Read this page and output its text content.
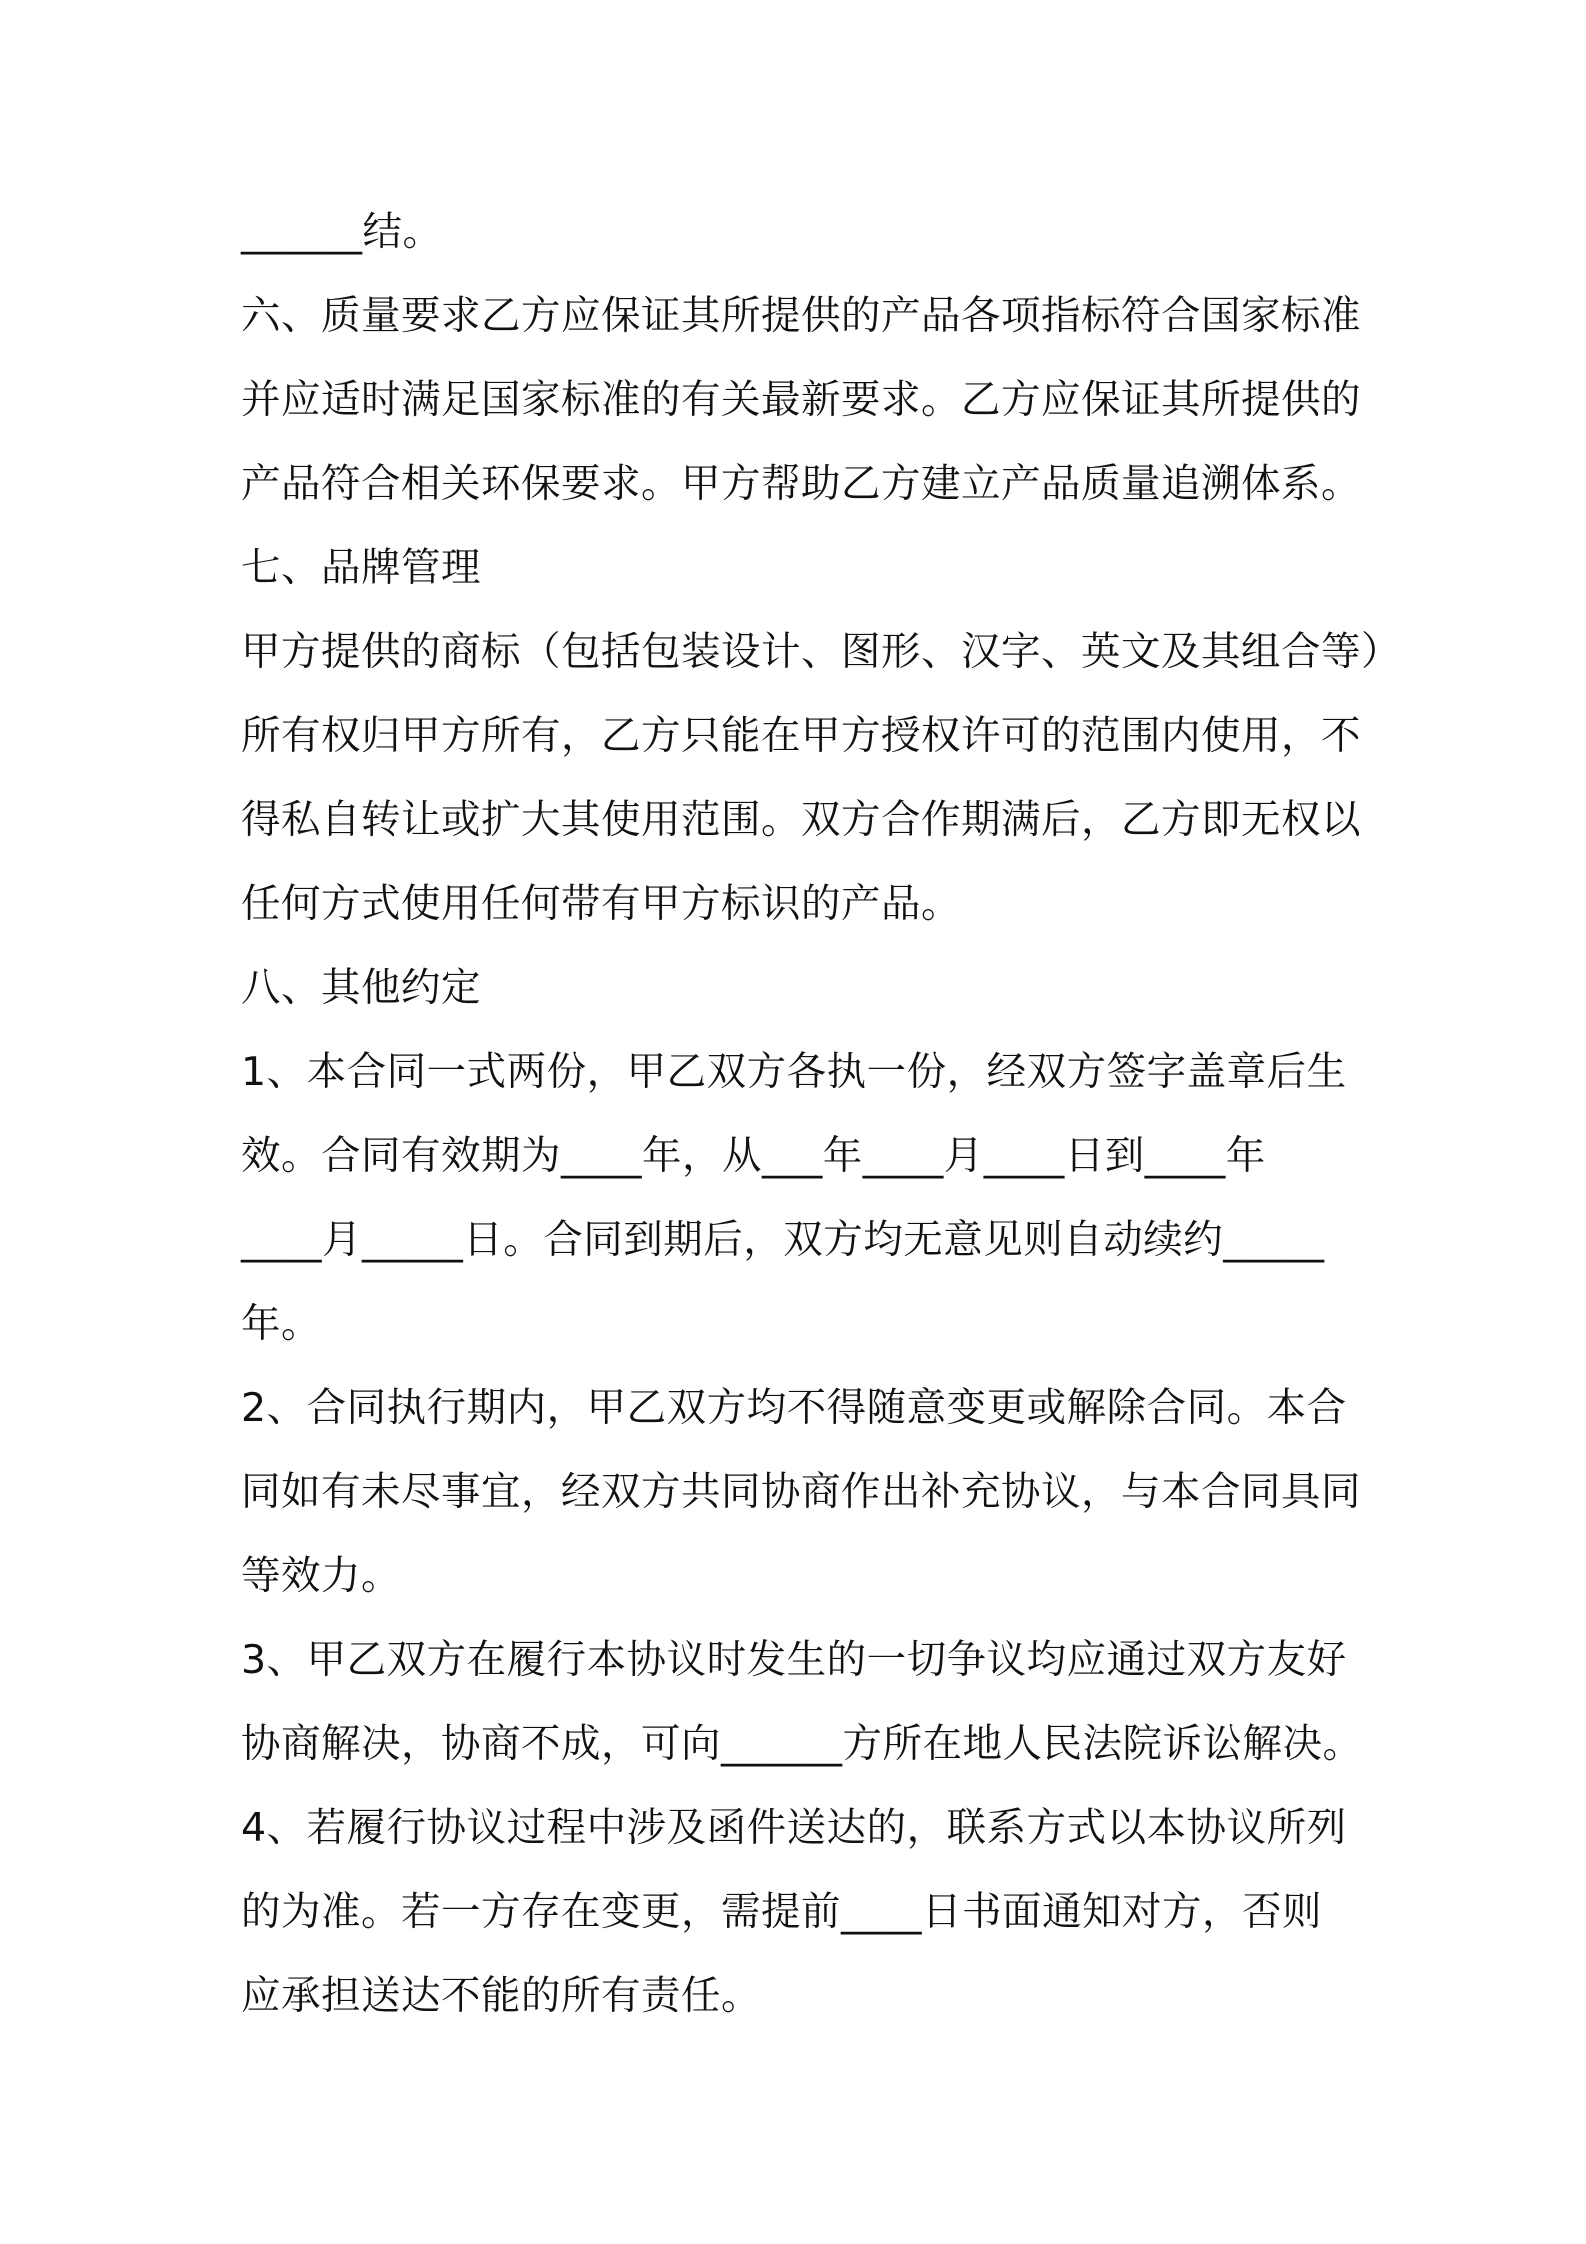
______结。

六、质量要求乙方应保证其所提供的产品各项指标符合国家标准

并应适时满足国家标准的有关最新要求。乙方应保证其所提供的

产品符合相关环保要求。甲方帮助乙方建立产品质量追溯体系。

七、品牌管理

甲方提供的商标（包括包装设计、图形、汉字、英文及其组合等）

所有权归甲方所有，乙方只能在甲方授权许可的范围内使用，不

得私自转让或扩大其使用范围。双方合作期满后，乙方即无权以

任何方式使用任何带有甲方标识的产品。

八、其他约定

1、本合同一式两份，甲乙双方各执一份，经双方签字盖章后生

效。合同有效期为____年，从___年____月____日到____年

____月_____日。合同到期后，双方均无意见则自动续约_____

年。

2、合同执行期内，甲乙双方均不得随意变更或解除合同。本合

同如有未尽事宜，经双方共同协商作出补充协议，与本合同具同

等效力。

3、甲乙双方在履行本协议时发生的一切争议均应通过双方友好

协商解决，协商不成，可向______方所在地人民法院诉讼解决。

4、若履行协议过程中涉及函件送达的，联系方式以本协议所列

的为准。若一方存在变更，需提前____日书面通知对方，否则

应承担送达不能的所有责任。
